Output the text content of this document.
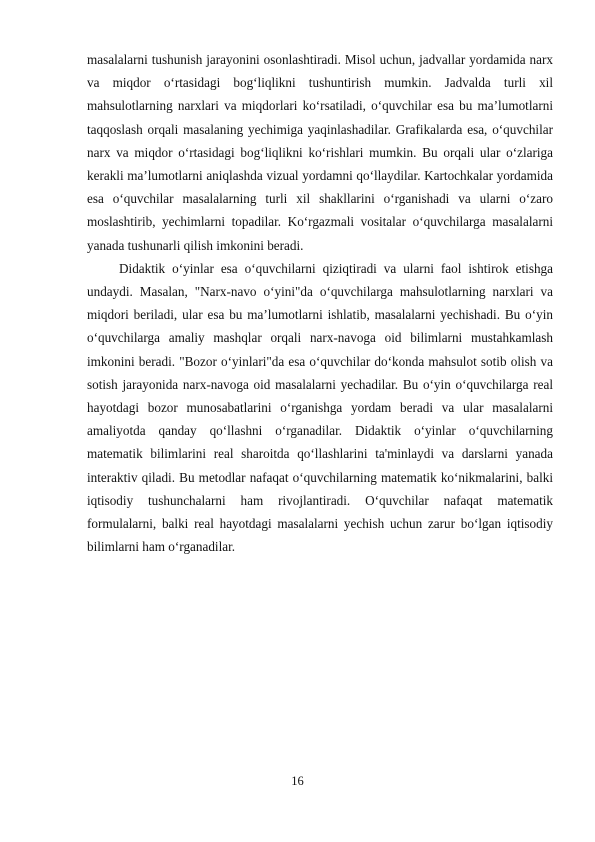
masalalarni tushunish jarayonini osonlashtiradi. Misol uchun, jadvallar yordamida narx va miqdor o‘rtasidagi bog‘liqlikni tushuntirish mumkin. Jadvalda turli xil mahsulotlarning narxlari va miqdorlari ko‘rsatiladi, o‘quvchilar esa bu ma’lumotlarni taqqoslash orqali masalaning yechimiga yaqinlashadilar. Grafikalarda esa, o‘quvchilar narx va miqdor o‘rtasidagi bog‘liqlikni ko‘rishlari mumkin. Bu orqali ular o‘zlariga kerakli ma’lumotlarni aniqlashda vizual yordamni qo‘llaydilar. Kartochkalar yordamida esa o‘quvchilar masalalarning turli xil shakllarini o‘rganishadi va ularni o‘zaro moslashtirib, yechimlarni topadilar. Ko‘rgazmali vositalar o‘quvchilarga masalalarni yanada tushunarli qilish imkonini beradi.

Didaktik o‘yinlar esa o‘quvchilarni qiziqtiradi va ularni faol ishtirok etishga undaydi. Masalan, "Narx-navo o‘yini"da o‘quvchilarga mahsulotlarning narxlari va miqdori beriladi, ular esa bu ma’lumotlarni ishlatib, masalalarni yechishadi. Bu o‘yin o‘quvchilarga amaliy mashqlar orqali narx-navoga oid bilimlarni mustahkamlash imkonini beradi. "Bozor o‘yinlari"da esa o‘quvchilar do‘konda mahsulot sotib olish va sotish jarayonida narx-navoga oid masalalarni yechadilar. Bu o‘yin o‘quvchilarga real hayotdagi bozor munosabatlarini o‘rganishga yordam beradi va ular masalalarni amaliyotda qanday qo‘llashni o‘rganadilar. Didaktik o‘yinlar o‘quvchilarning matematik bilimlarini real sharoitda qo‘llashlarini ta'minlaydi va darslarni yanada interaktiv qiladi. Bu metodlar nafaqat o‘quvchilarning matematik ko‘nikmalarini, balki iqtisodiy tushunchalarni ham rivojlantiradi. O‘quvchilar nafaqat matematik formulalarni, balki real hayotdagi masalalarni yechish uchun zarur bo‘lgan iqtisodiy bilimlarni ham o‘rganadilar.

16
